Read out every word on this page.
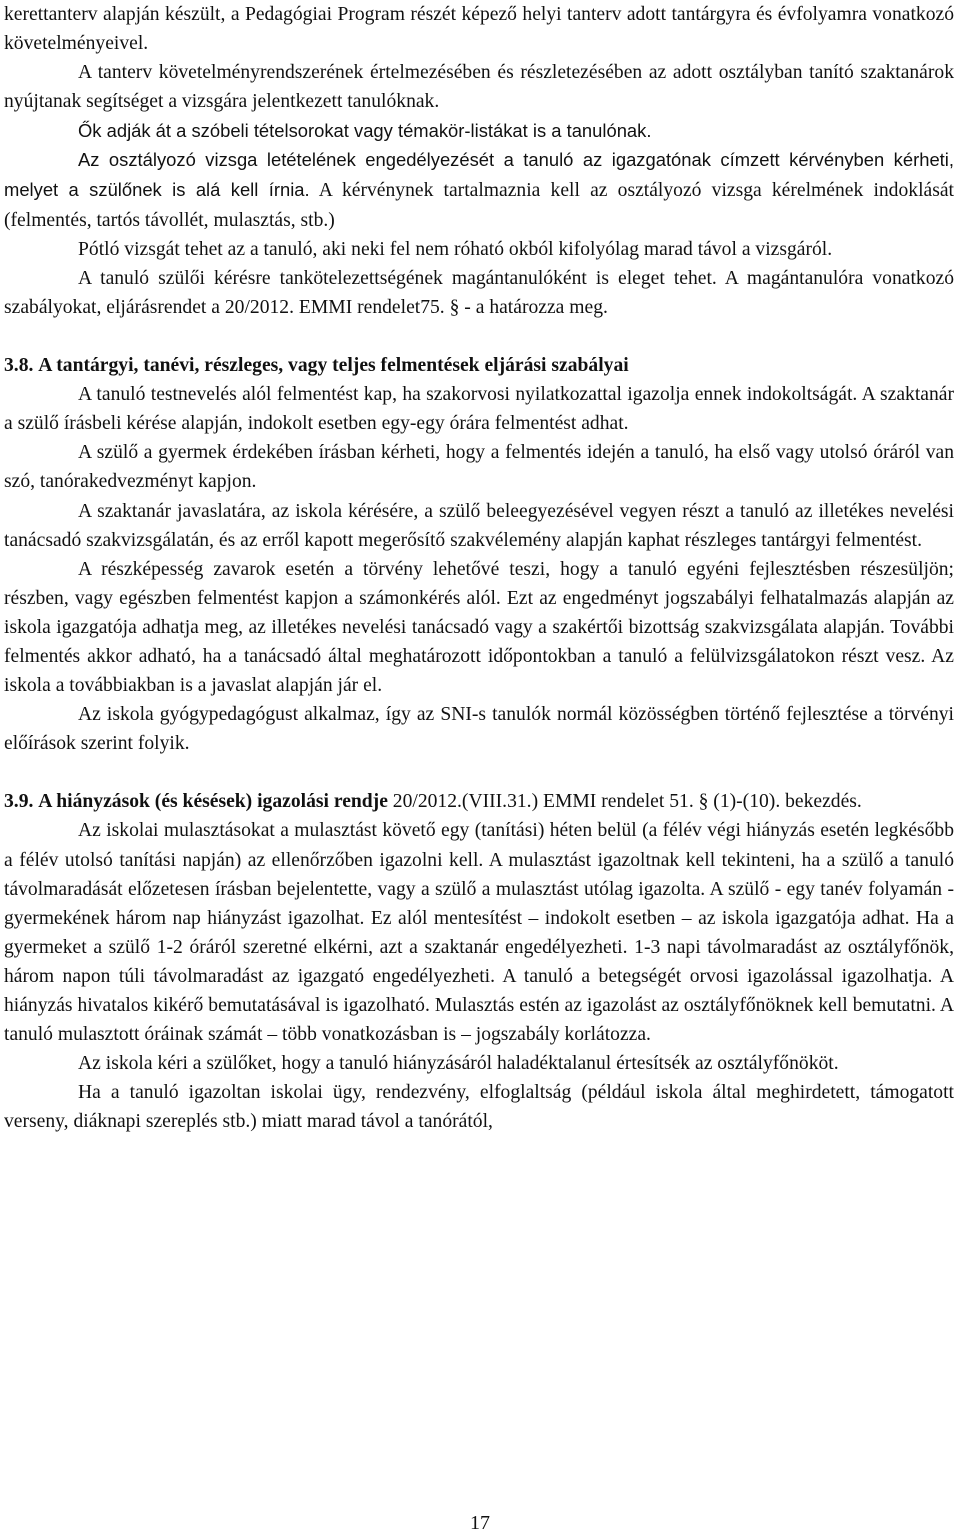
kerettanterv alapján készült, a Pedagógiai Program részét képező helyi tanterv adott tantárgyra és évfolyamra vonatkozó követelményeivel.

A tanterv követelményrendszerének értelmezésében és részletezésében az adott osztályban tanító szaktanárok nyújtanak segítséget a vizsgára jelentkezett tanulóknak.

Ők adják át a szóbeli tételsorokat vagy témakör-listákat is a tanulónak.

Az osztályozó vizsga letételének engedélyezését a tanuló az igazgatónak címzett kérvényben kérheti, melyet a szülőnek is alá kell írnia. A kérvénynek tartalmaznia kell az osztályozó vizsga kérelmének indoklását (felmentés, tartós távollét, mulasztás, stb.)

Pótló vizsgát tehet az a tanuló, aki neki fel nem róható okból kifolyólag marad távol a vizsgáról.

A tanuló szülői kérésre tankötelezettségének magántanulóként is eleget tehet. A magántanulóra vonatkozó szabályokat, eljárásrendet a 20/2012. EMMI rendelet75. § - a határozza meg.

3.8. A tantárgyi, tanévi, részleges, vagy teljes felmentések eljárási szabályai

A tanuló testnevelés alól felmentést kap, ha szakorvosi nyilatkozattal igazolja ennek indokoltságát. A szaktanár a szülő írásbeli kérése alapján, indokolt esetben egy-egy órára felmentést adhat.

A szülő a gyermek érdekében írásban kérheti, hogy a felmentés idején a tanuló, ha első vagy utolsó óráról van szó, tanórakedvezményt kapjon.

A szaktanár javaslatára, az iskola kérésére, a szülő beleegyezésével vegyen részt a tanuló az illetékes nevelési tanácsadó szakvizsgálatán, és az erről kapott megerősítő szakvélemény alapján kaphat részleges tantárgyi felmentést.

A részképesség zavarok esetén a törvény lehetővé teszi, hogy a tanuló egyéni fejlesztésben részesüljön; részben, vagy egészben felmentést kapjon a számonkérés alól. Ezt az engedményt jogszabályi felhatalmazás alapján az iskola igazgatója adhatja meg, az illetékes nevelési tanácsadó vagy a szakértői bizottság szakvizsgálata alapján. További felmentés akkor adható, ha a tanácsadó által meghatározott időpontokban a tanuló a felülvizsgálatokon részt vesz. Az iskola a továbbiakban is a javaslat alapján jár el.

Az iskola gyógypedagógust alkalmaz, így az SNI-s tanulók normál közösségben történő fejlesztése a törvényi előírások szerint folyik.

3.9. A hiányzások (és késések) igazolási rendje 20/2012.(VIII.31.) EMMI rendelet 51. § (1)-(10). bekezdés.

Az iskolai mulasztásokat a mulasztást követő egy (tanítási) héten belül (a félév végi hiányzás esetén legkésőbb a félév utolsó tanítási napján) az ellenőrzőben igazolni kell. A mulasztást igazoltnak kell tekinteni, ha a szülő a tanuló távolmaradását előzetesen írásban bejelentette, vagy a szülő a mulasztást utólag igazolta. A szülő - egy tanév folyamán - gyermekének három nap hiányzást igazolhat. Ez alól mentesítést – indokolt esetben – az iskola igazgatója adhat. Ha a gyermeket a szülő 1-2 óráról szeretné elkérni, azt a szaktanár engedélyezheti. 1-3 napi távolmaradást az osztályfőnök, három napon túli távolmaradást az igazgató engedélyezheti. A tanuló a betegségét orvosi igazolással igazolhatja. A hiányzás hivatalos kikérő bemutatásával is igazolható. Mulasztás estén az igazolást az osztályfőnöknek kell bemutatni. A tanuló mulasztott óráinak számát – több vonatkozásban is – jogszabály korlátozza.

Az iskola kéri a szülőket, hogy a tanuló hiányzásáról haladéktalanul értesítsék az osztályfőnököt.

Ha a tanuló igazoltan iskolai ügy, rendezvény, elfoglaltság (például iskola által meghirdetett, támogatott verseny, diáknapi szereplés stb.) miatt marad távol a tanórától,

17
